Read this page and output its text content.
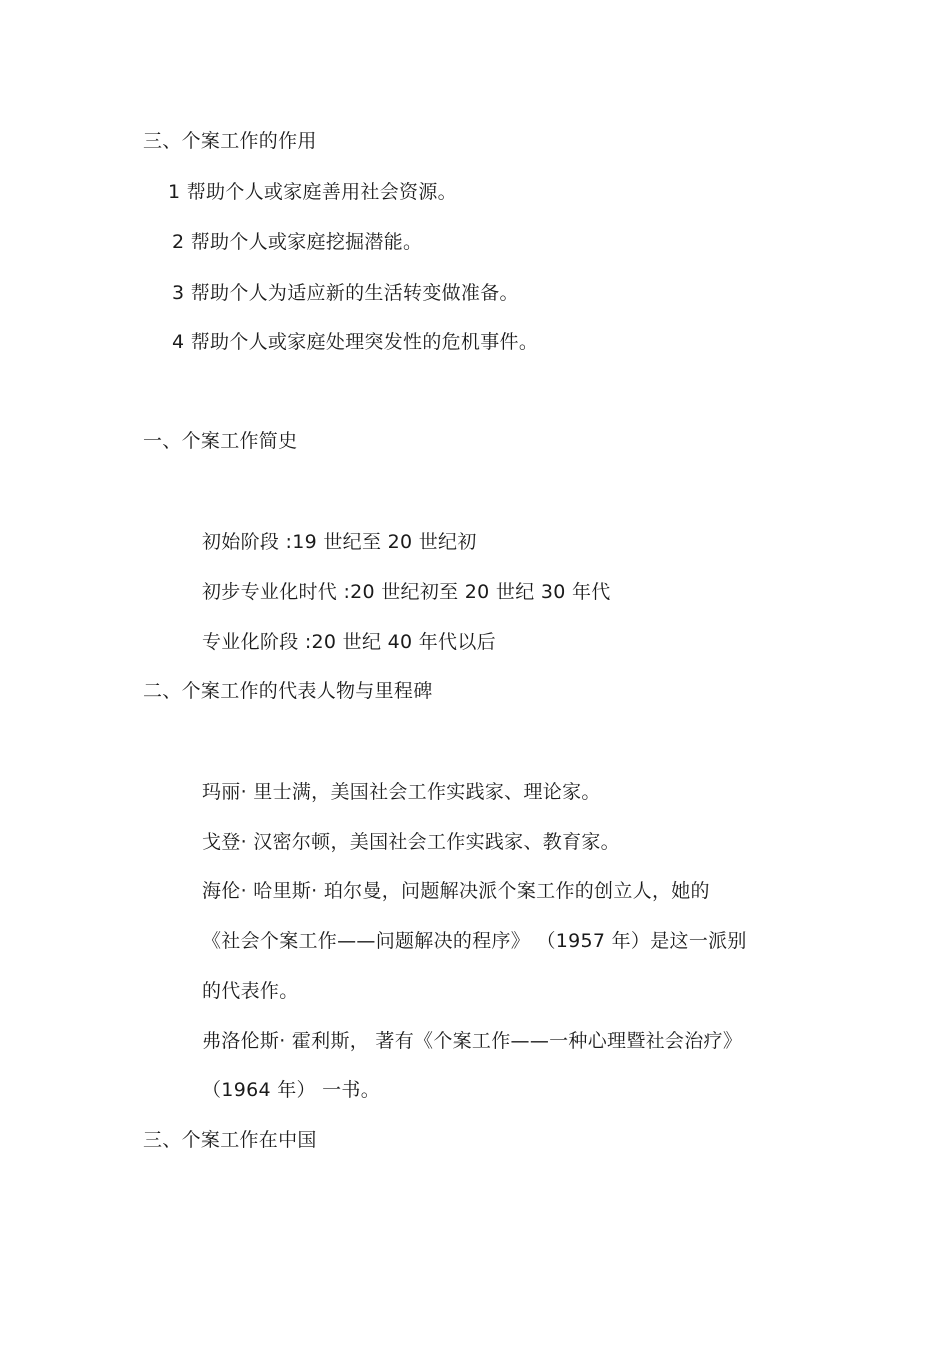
三、个案工作的作用
1 帮助个人或家庭善用社会资源。
2 帮助个人或家庭挖掘潜能。
3 帮助个人为适应新的生活转变做准备。
4 帮助个人或家庭处理突发性的危机事件。
一、个案工作简史
初始阶段 :19 世纪至 20 世纪初
初步专业化时代 :20 世纪初至 20 世纪 30 年代
专业化阶段 :20 世纪 40 年代以后
二、个案工作的代表人物与里程碑
玛丽· 里士满，美国社会工作实践家、理论家。
戈登· 汉密尔顿，美国社会工作实践家、教育家。
海伦· 哈里斯· 珀尔曼，问题解决派个案工作的创立人，她的
《社会个案工作——问题解决的程序》 （1957 年）是这一派别
的代表作。
弗洛伦斯· 霍利斯， 著有《个案工作——一种心理暨社会治疗》
（1964 年） 一书。
三、个案工作在中国
